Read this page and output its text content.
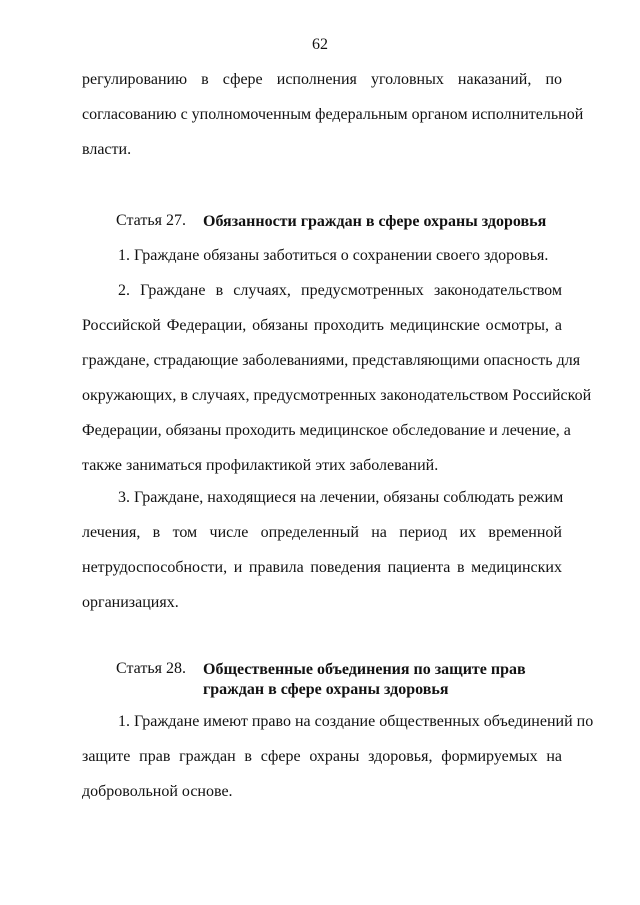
62
регулированию в сфере исполнения уголовных наказаний, по
согласованию с уполномоченным федеральным органом исполнительной
власти.
Статья 27. Обязанности граждан в сфере охраны здоровья
1. Граждане обязаны заботиться о сохранении своего здоровья.
2. Граждане в случаях, предусмотренных законодательством
Российской Федерации, обязаны проходить медицинские осмотры, а
граждане, страдающие заболеваниями, представляющими опасность для
окружающих, в случаях, предусмотренных законодательством Российской
Федерации, обязаны проходить медицинское обследование и лечение, а
также заниматься профилактикой этих заболеваний.
3. Граждане, находящиеся на лечении, обязаны соблюдать режим
лечения, в том числе определенный на период их временной
нетрудоспособности, и правила поведения пациента в медицинских
организациях.
Статья 28. Общественные объединения по защите прав
граждан в сфере охраны здоровья
1. Граждане имеют право на создание общественных объединений по
защите прав граждан в сфере охраны здоровья, формируемых на
добровольной основе.
